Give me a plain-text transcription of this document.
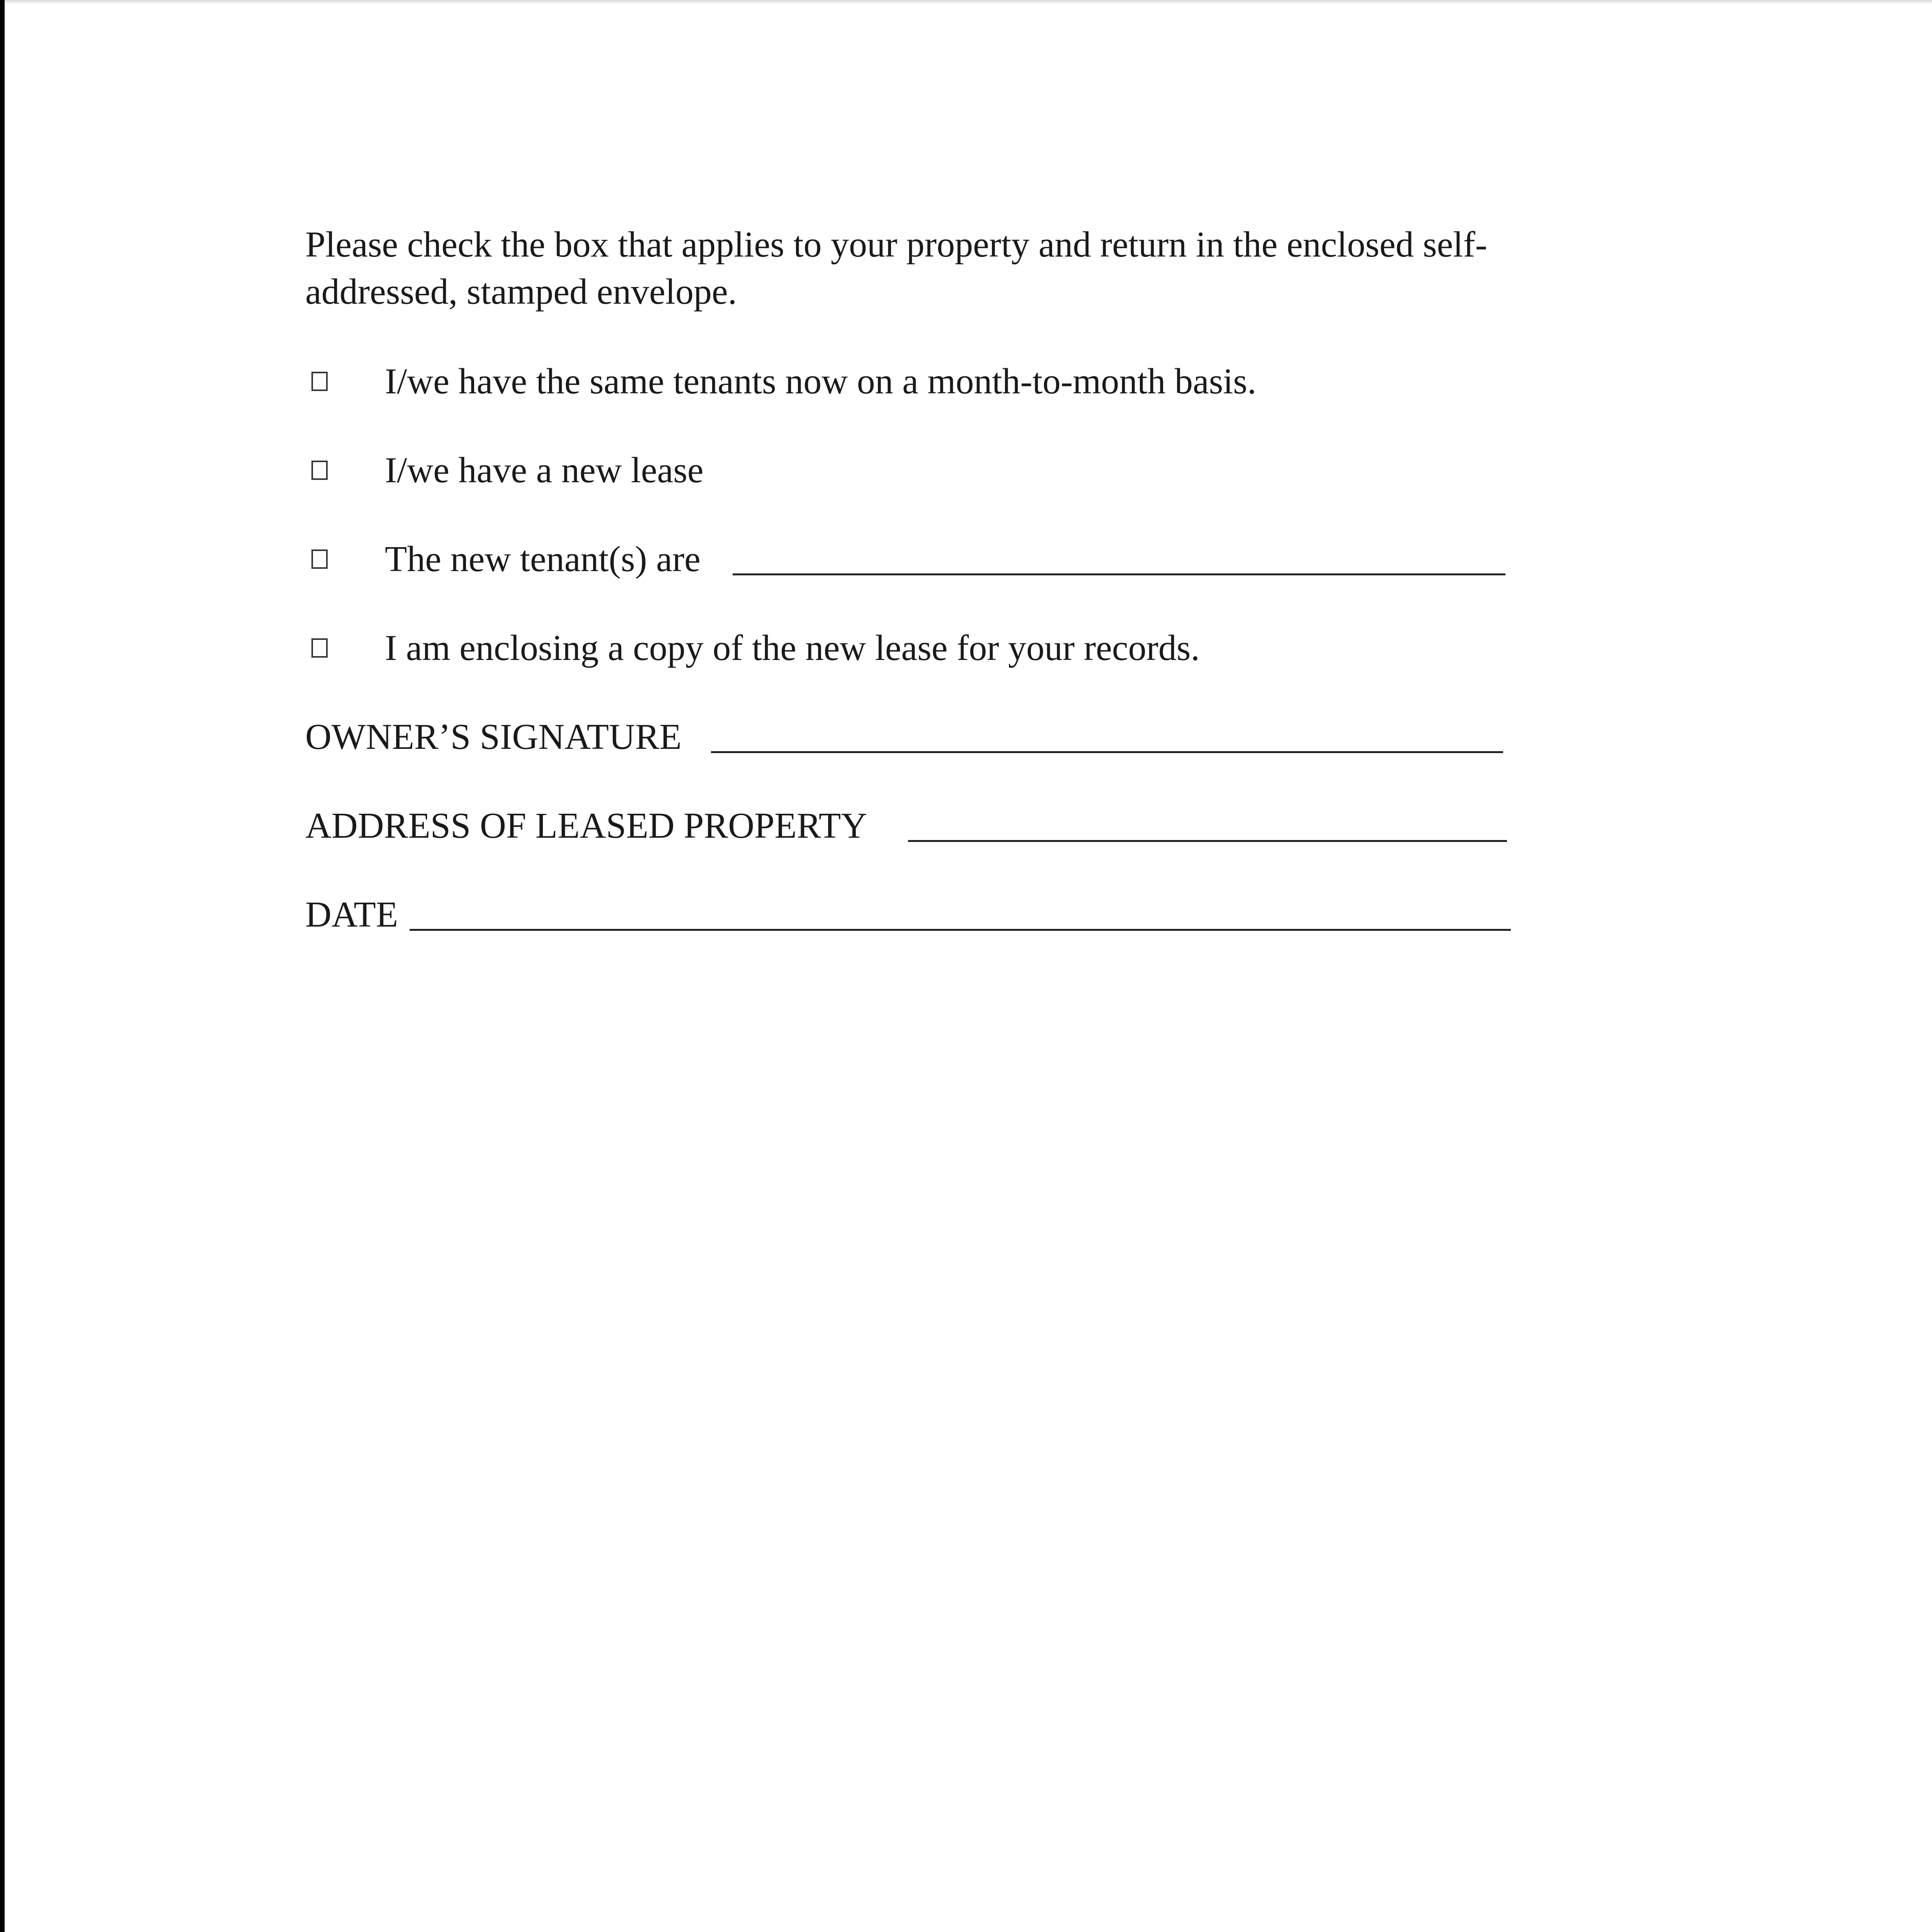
Please check the box that applies to your property and return in the enclosed self-addressed, stamped envelope.
I/we have the same tenants now on a month-to-month basis.
I/we have a new lease
The new tenant(s) are
I am enclosing a copy of the new lease for your records.
OWNER’S SIGNATURE
ADDRESS OF LEASED PROPERTY
DATE
